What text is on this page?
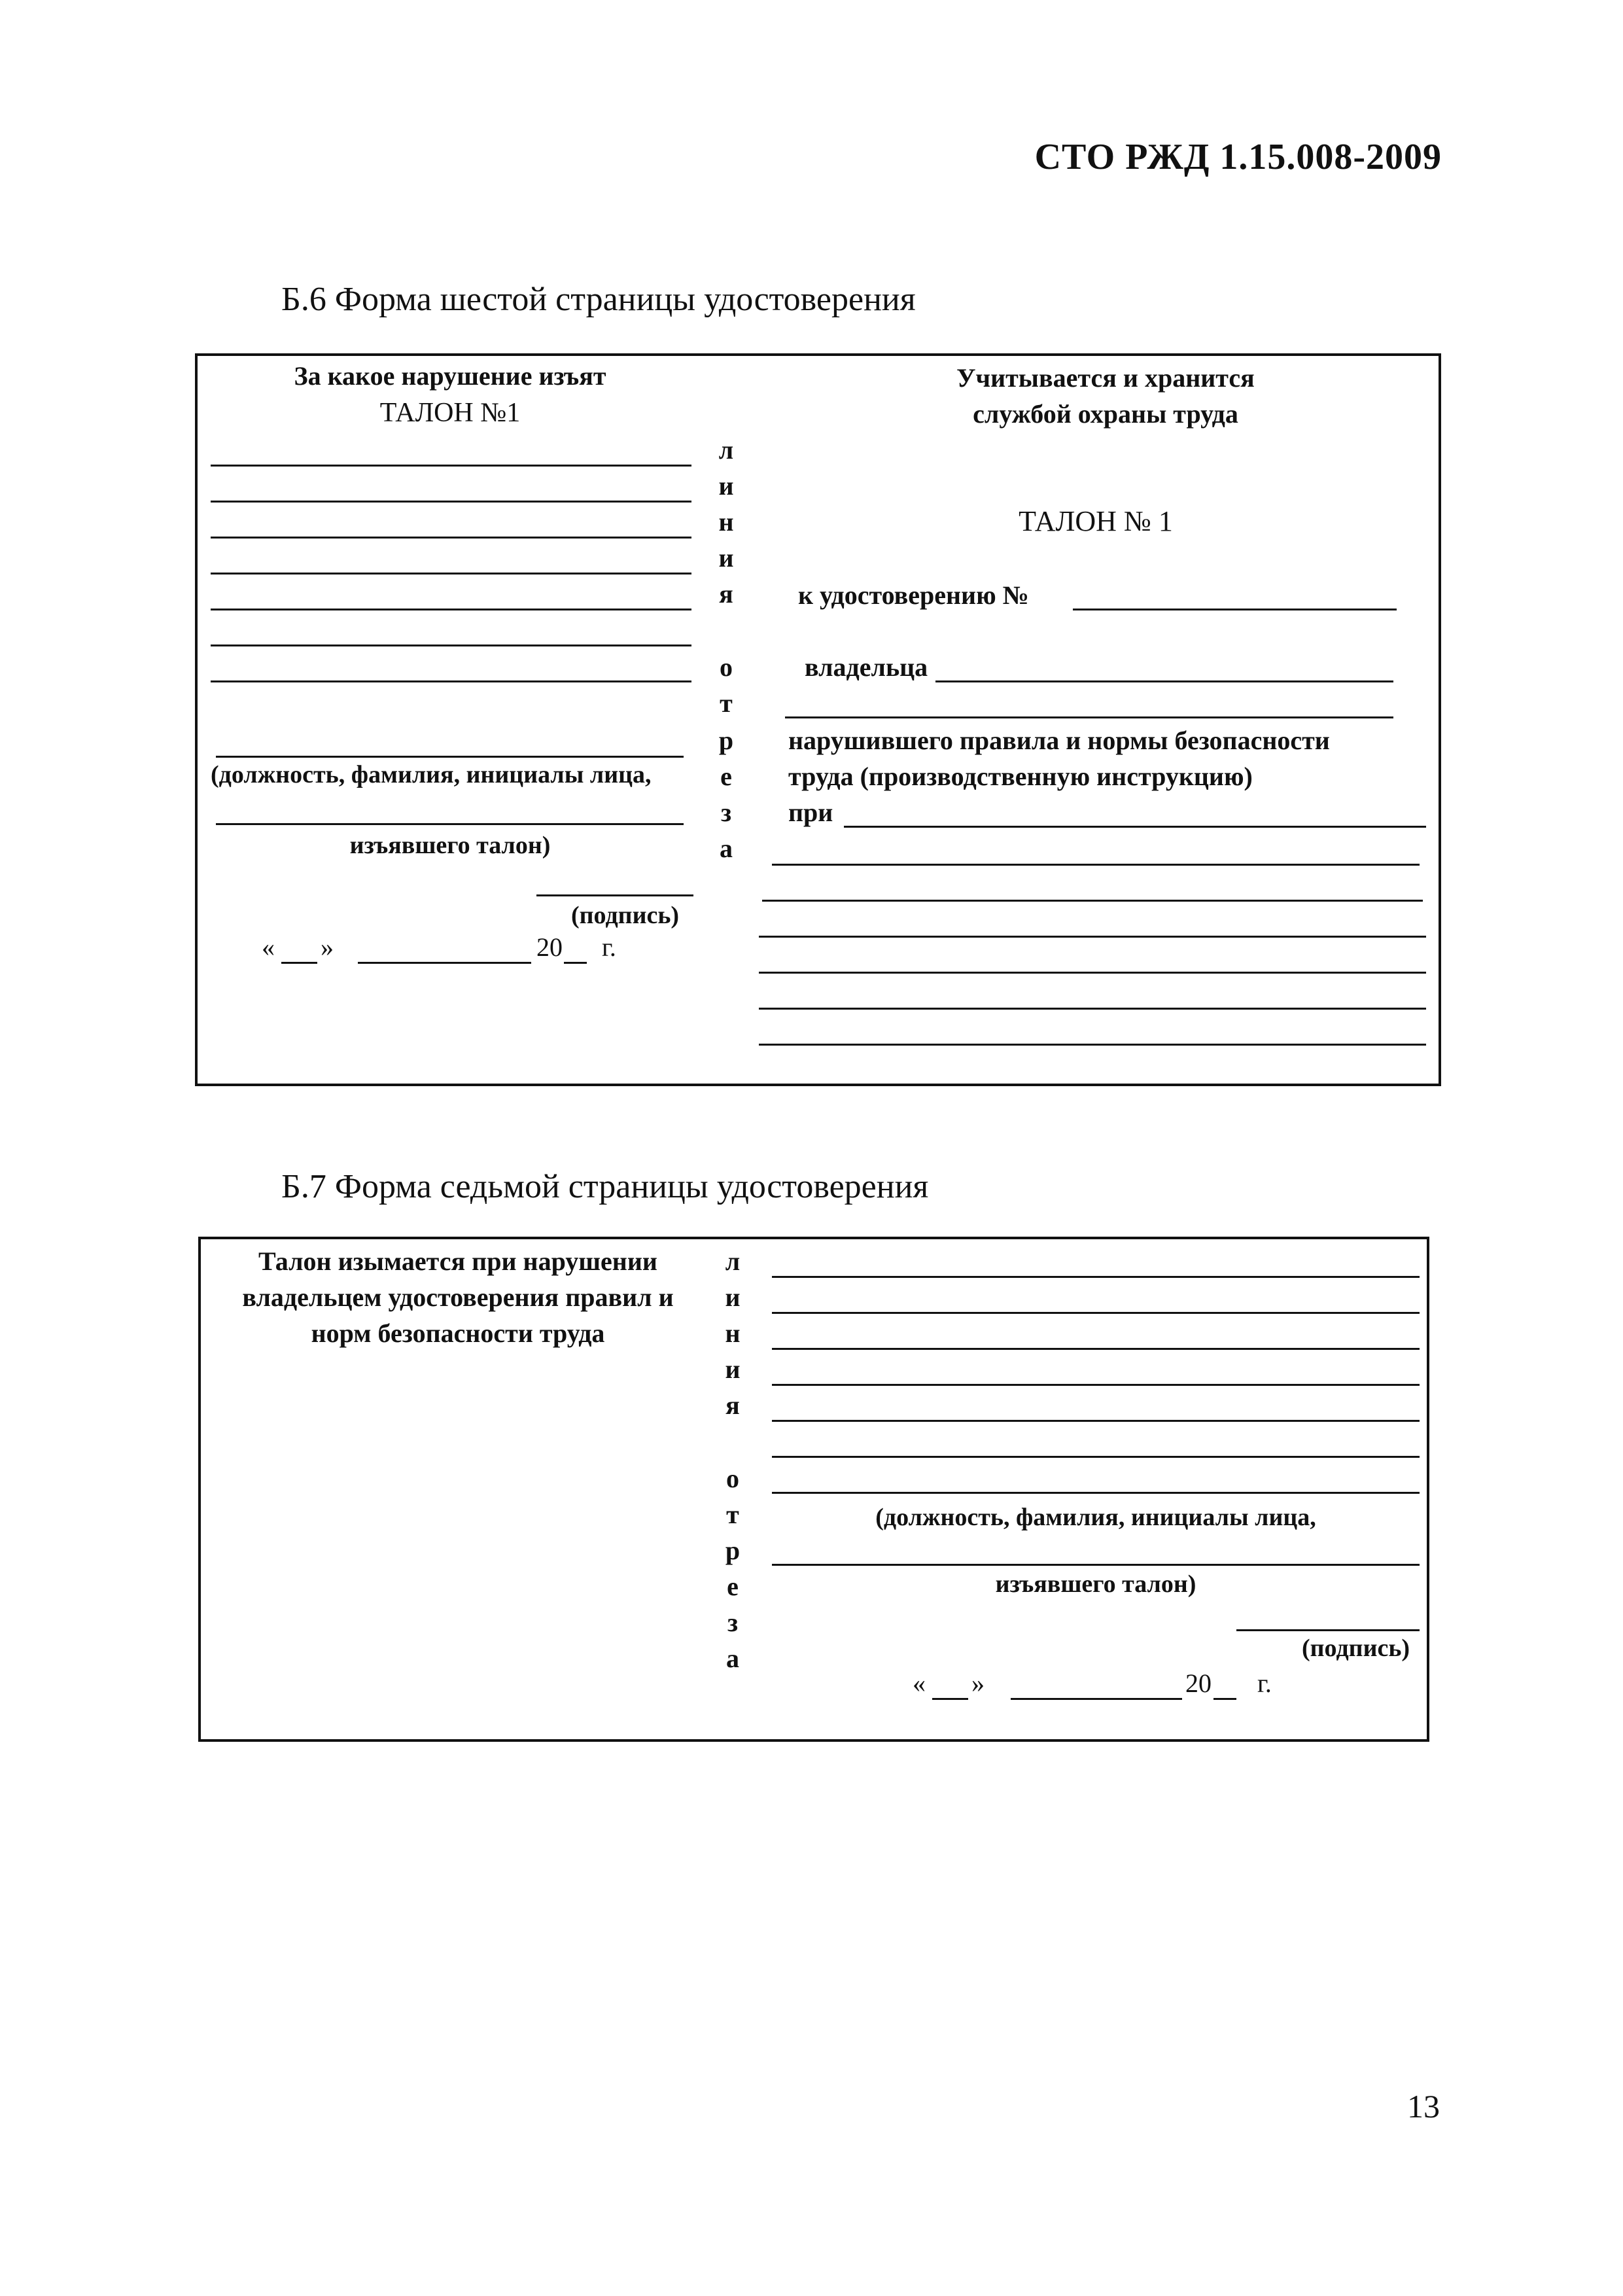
СТО РЖД 1.15.008-2009
Б.6 Форма шестой страницы удостоверения
За какое нарушение изъят
ТАЛОН №1
(должность, фамилия, инициалы лица,
изъявшего талон)
(подпись)
« »	20 г.
л
и
н
и
я
о
т
р
е
з
а
Учитывается и хранится
службой охраны труда
ТАЛОН № 1
к удостоверению №
владельца
нарушившего правила и нормы безопасности
труда (производственную инструкцию)
при
Б.7 Форма седьмой страницы удостоверения
Талон изымается при нарушении
владельцем удостоверения правил и
норм безопасности труда
л
и
н
и
я
о
т
р
е
з
а
(должность, фамилия, инициалы лица,
изъявшего талон)
(подпись)
« »	20 г.
13
